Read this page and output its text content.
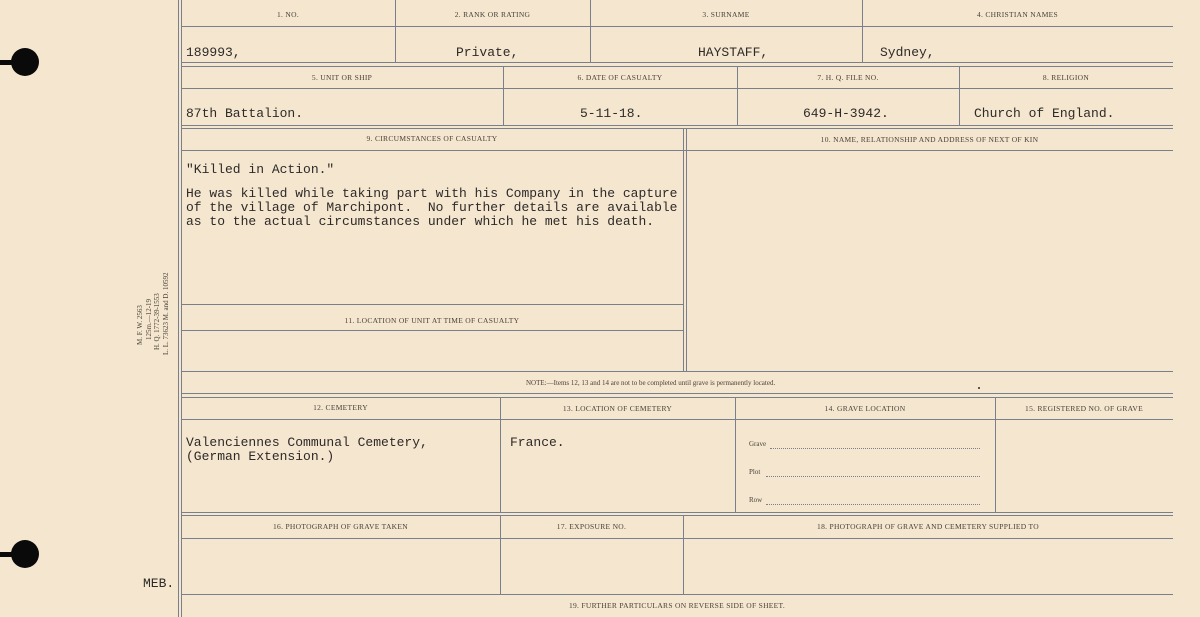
M. F. W. 2563 125m.—12-19 H. Q. 1772-39-1553 L. L. 73623 M. and D. 10592
MEB.
1. NO.	2. RANK OR RATING	3. SURNAME	4. CHRISTIAN NAMES
189993,	Private,	HAYSTAFF,	Sydney,
5. UNIT OR SHIP	6. DATE OF CASUALTY	7. H. Q. FILE NO.	8. RELIGION
87th Battalion.	5-11-18.	649-H-3942.	Church of England.
9. CIRCUMSTANCES OF CASUALTY	10. NAME, RELATIONSHIP AND ADDRESS OF NEXT OF KIN
"Killed in Action."
He was killed while taking part with his Company in the capture
of the village of Marchipont.  No further details are available
as to the actual circumstances under which he met his death.
11. LOCATION OF UNIT AT TIME OF CASUALTY
NOTE:—Items 12, 13 and 14 are not to be completed until grave is permanently located.
12. CEMETERY	13. LOCATION OF CEMETERY	14. GRAVE LOCATION	15. REGISTERED NO. OF GRAVE
Valenciennes Communal Cemetery,
(German Extension.)
France.	Grave
Plot
Row
16. PHOTOGRAPH OF GRAVE TAKEN	17. EXPOSURE NO.	18. PHOTOGRAPH OF GRAVE AND CEMETERY SUPPLIED TO
19. FURTHER PARTICULARS ON REVERSE SIDE OF SHEET.
